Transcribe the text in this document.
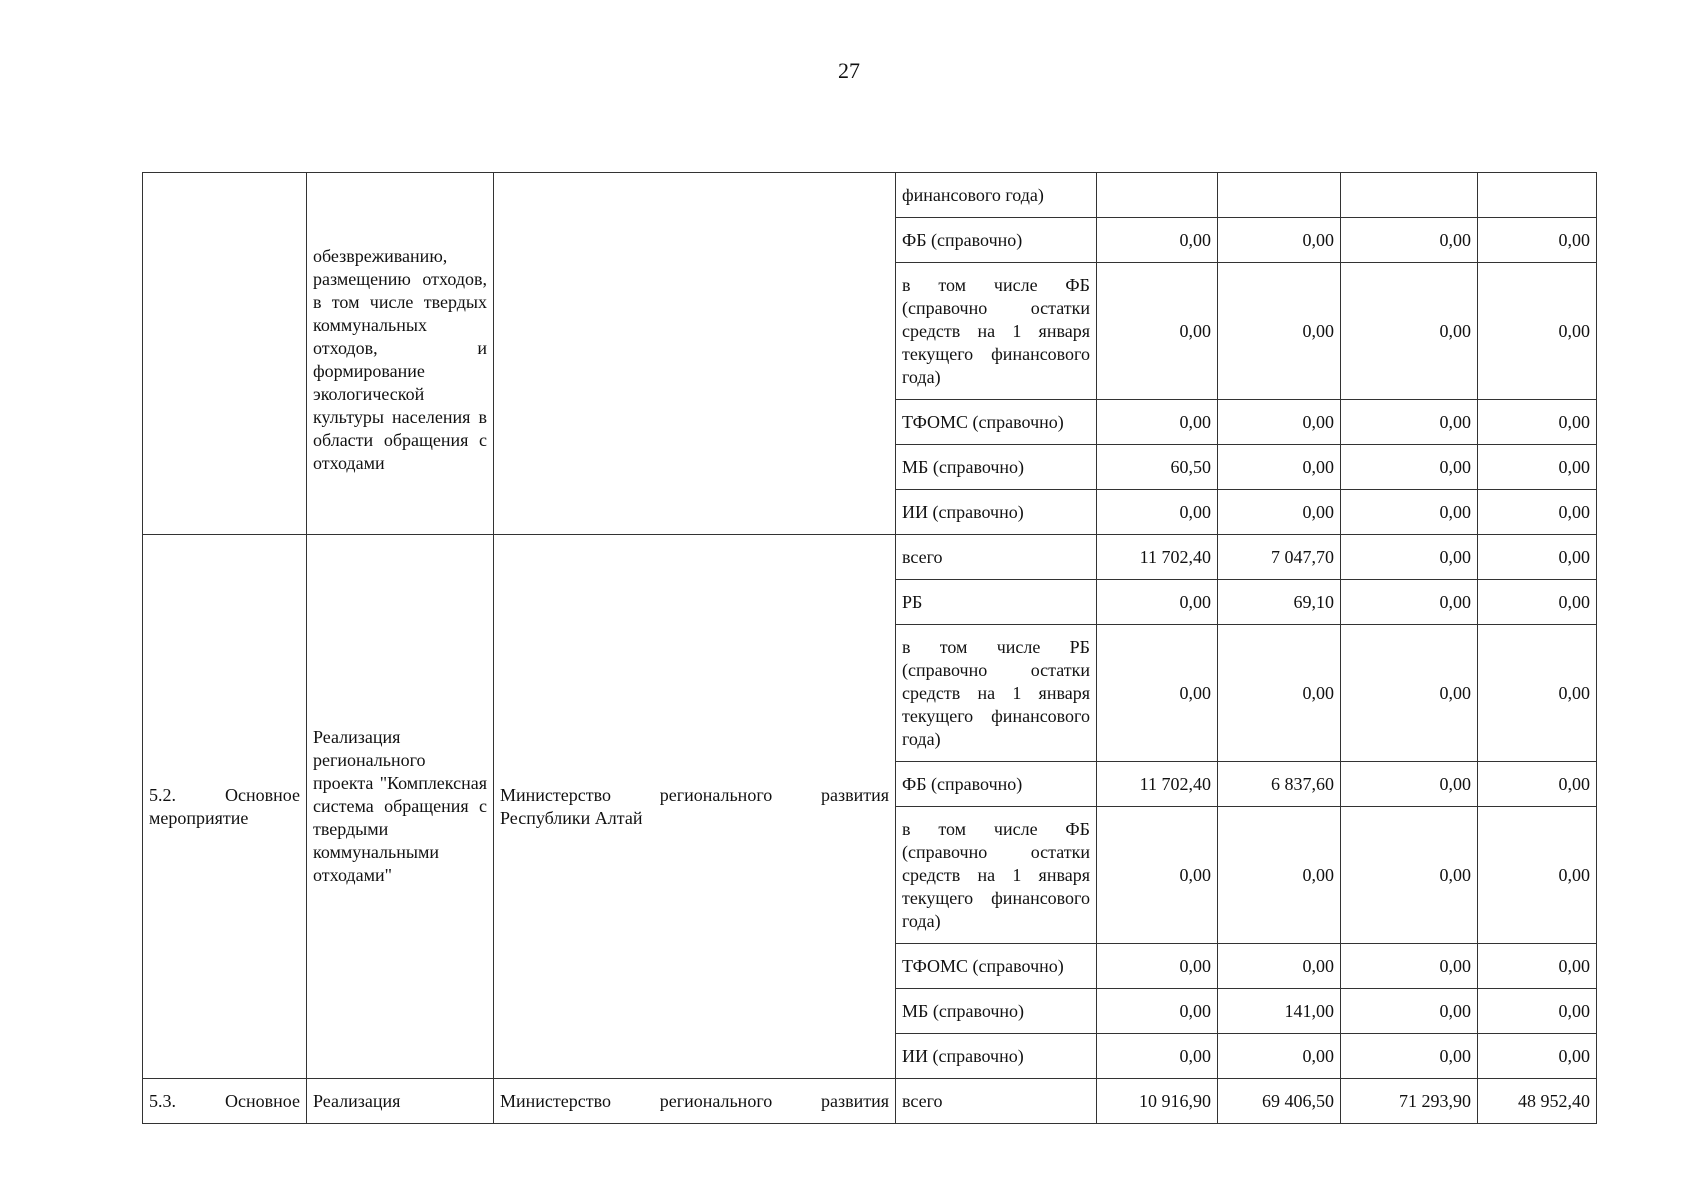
27
	обезвреживанию, размещению отходов, в том числе твердых коммунальных отходов, и формирование экологической культуры населения в области обращения с отходами		финансового года)				
			ФБ (справочно)	0,00	0,00	0,00	0,00
			в том числе ФБ (справочно остатки средств на 1 января текущего финансового года)	0,00	0,00	0,00	0,00
			ТФОМС (справочно)	0,00	0,00	0,00	0,00
			МБ (справочно)	60,50	0,00	0,00	0,00
			ИИ (справочно)	0,00	0,00	0,00	0,00

5.2. Основное мероприятие	Реализация регионального проекта "Комплексная система обращения с твердыми коммунальными отходами"	Министерство регионального развития Республики Алтай	всего	11 702,40	7 047,70	0,00	0,00
			РБ	0,00	69,10	0,00	0,00
			в том числе РБ (справочно остатки средств на 1 января текущего финансового года)	0,00	0,00	0,00	0,00
			ФБ (справочно)	11 702,40	6 837,60	0,00	0,00
			в том числе ФБ (справочно остатки средств на 1 января текущего финансового года)	0,00	0,00	0,00	0,00
			ТФОМС (справочно)	0,00	0,00	0,00	0,00
			МБ (справочно)	0,00	141,00	0,00	0,00
			ИИ (справочно)	0,00	0,00	0,00	0,00

5.3. Основное	Реализация	Министерство регионального развития	всего	10 916,90	69 406,50	71 293,90	48 952,40
